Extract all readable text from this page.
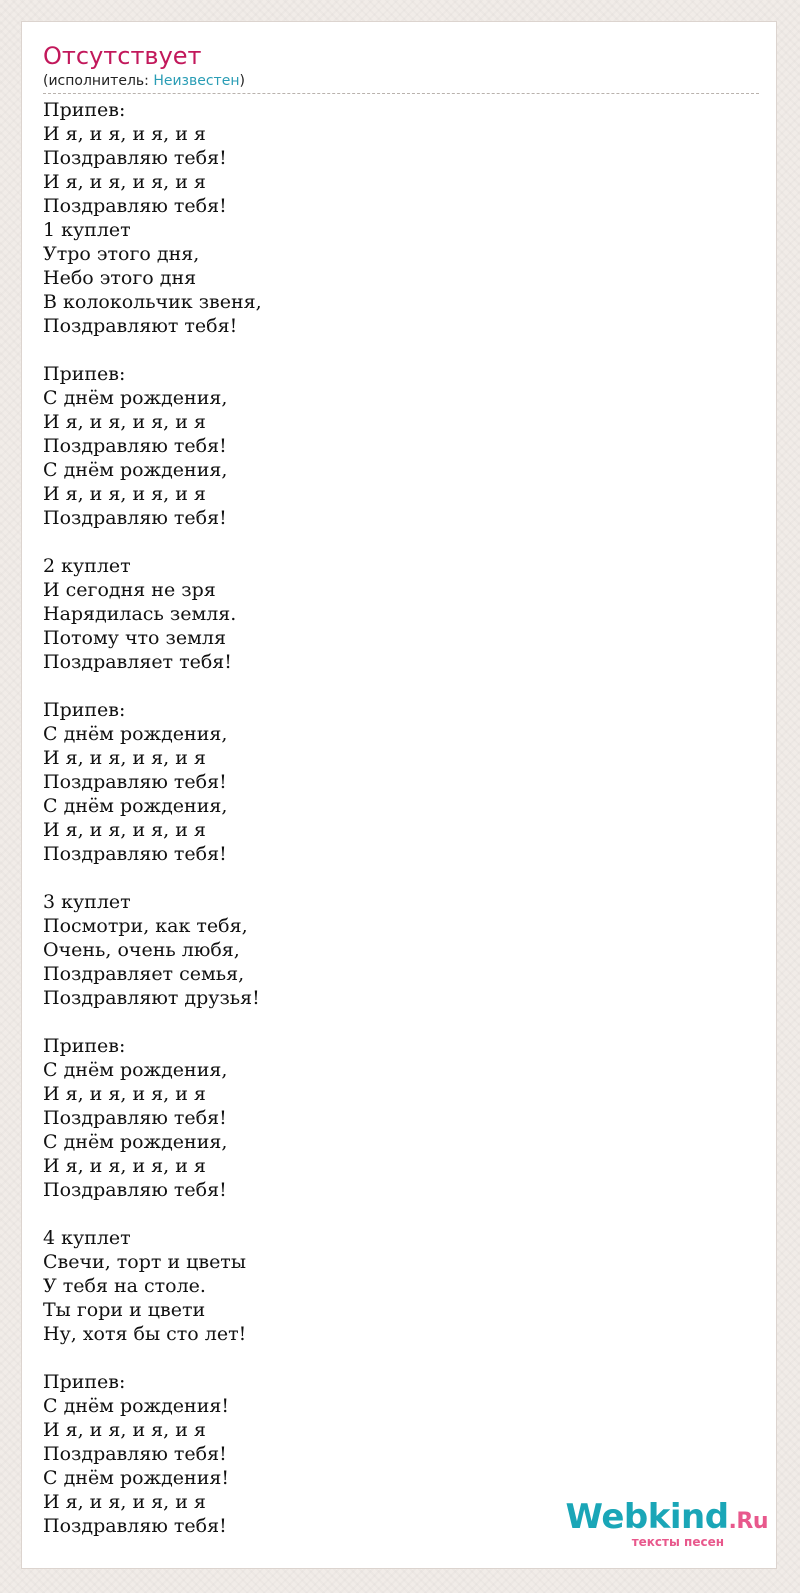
Отсутствует
(исполнитель: Неизвестен)
Припев:
И я, и я, и я, и я
Поздравляю тебя!
И я, и я, и я, и я
Поздравляю тебя!
1 куплет
Утро этого дня,
Небо этого дня
В колокольчик звеня,
Поздравляют тебя!

Припев:
С днём рождения,
И я, и я, и я, и я
Поздравляю тебя!
С днём рождения,
И я, и я, и я, и я
Поздравляю тебя!

2 куплет
И сегодня не зря
Нарядилась земля.
Потому что земля
Поздравляет тебя!

Припев:
С днём рождения,
И я, и я, и я, и я
Поздравляю тебя!
С днём рождения,
И я, и я, и я, и я
Поздравляю тебя!

3 куплет
Посмотри, как тебя,
Очень, очень любя,
Поздравляет семья,
Поздравляют друзья!

Припев:
С днём рождения,
И я, и я, и я, и я
Поздравляю тебя!
С днём рождения,
И я, и я, и я, и я
Поздравляю тебя!

4 куплет
Свечи, торт и цветы
У тебя на столе.
Ты гори и цвети
Ну, хотя бы сто лет!

Припев:
С днём рождения!
И я, и я, и я, и я
Поздравляю тебя!
С днём рождения!
И я, и я, и я, и я
Поздравляю тебя!	Webkind.Ru
тексты песен
